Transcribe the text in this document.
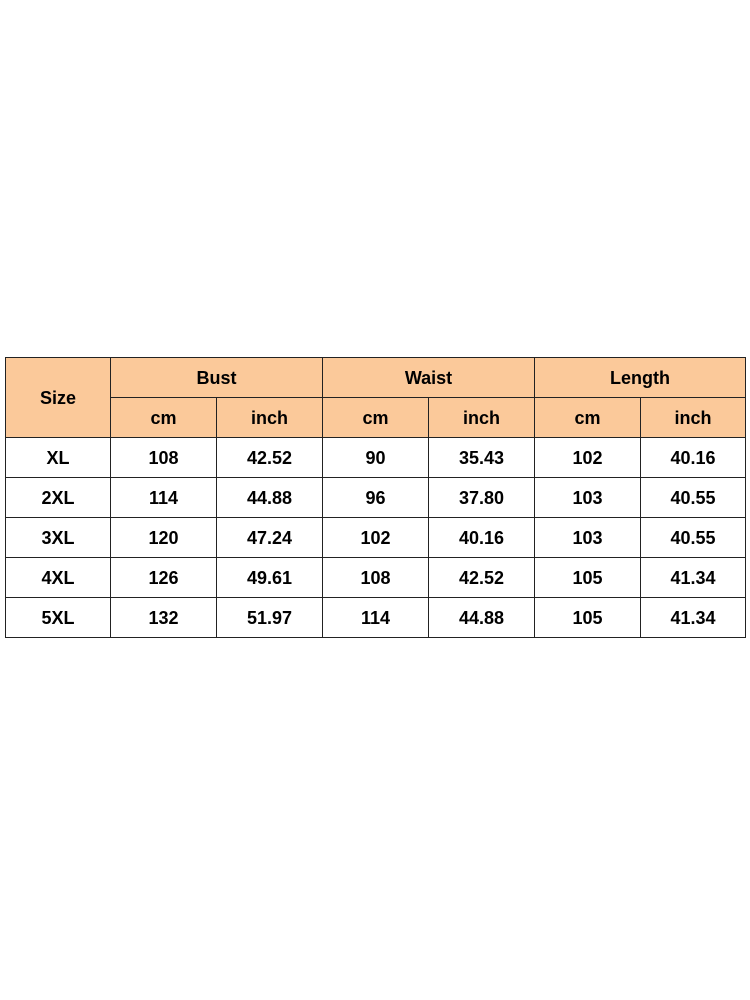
Size	Bust		Waist		Length	
	cm	inch	cm	inch	cm	inch
XL	108	42.52	90	35.43	102	40.16
2XL	114	44.88	96	37.80	103	40.55
3XL	120	47.24	102	40.16	103	40.55
4XL	126	49.61	108	42.52	105	41.34
5XL	132	51.97	114	44.88	105	41.34
